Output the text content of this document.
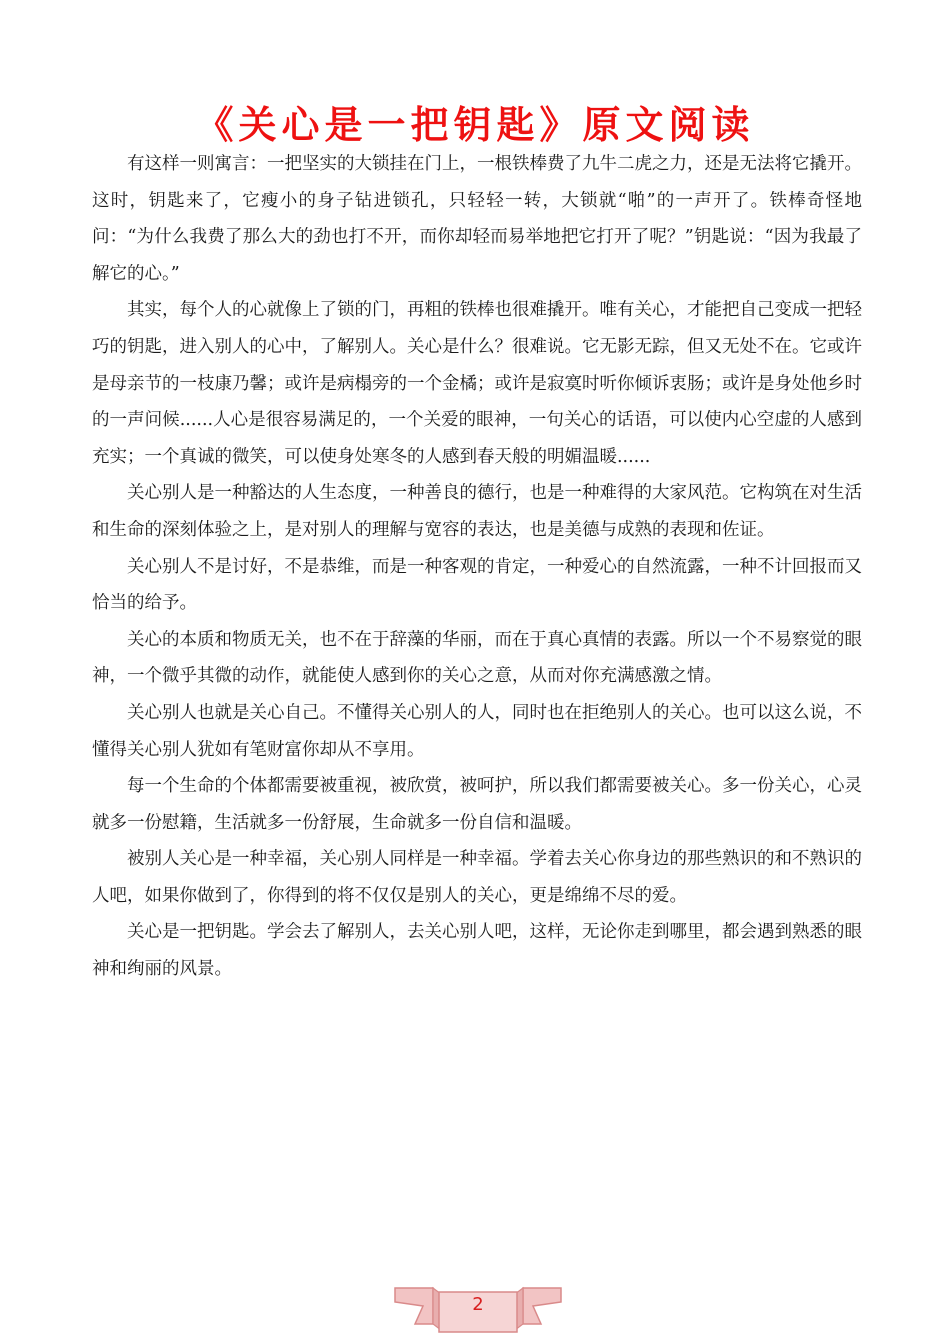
《关心是一把钥匙》原文阅读

有这样一则寓言：一把坚实的大锁挂在门上，一根铁棒费了九牛二虎之力，还是无法将它撬开。这时，钥匙来了，它瘦小的身子钻进锁孔，只轻轻一转，大锁就“啪”的一声开了。铁棒奇怪地问：“为什么我费了那么大的劲也打不开，而你却轻而易举地把它打开了呢？”钥匙说：“因为我最了解它的心。”

其实，每个人的心就像上了锁的门，再粗的铁棒也很难撬开。唯有关心，才能把自己变成一把轻巧的钥匙，进入别人的心中，了解别人。关心是什么？很难说。它无影无踪，但又无处不在。它或许是母亲节的一枝康乃馨；或许是病榻旁的一个金橘；或许是寂寞时听你倾诉衷肠；或许是身处他乡时的一声问候......人心是很容易满足的，一个关爱的眼神，一句关心的话语，可以使内心空虚的人感到充实；一个真诚的微笑，可以使身处寒冬的人感到春天般的明媚温暖......

关心别人是一种豁达的人生态度，一种善良的德行，也是一种难得的大家风范。它构筑在对生活和生命的深刻体验之上，是对别人的理解与宽容的表达，也是美德与成熟的表现和佐证。

关心别人不是讨好，不是恭维，而是一种客观的肯定，一种爱心的自然流露，一种不计回报而又恰当的给予。

关心的本质和物质无关，也不在于辞藻的华丽，而在于真心真情的表露。所以一个不易察觉的眼神，一个微乎其微的动作，就能使人感到你的关心之意，从而对你充满感激之情。

关心别人也就是关心自己。不懂得关心别人的人，同时也在拒绝别人的关心。也可以这么说，不懂得关心别人犹如有笔财富你却从不享用。

每一个生命的个体都需要被重视，被欣赏，被呵护，所以我们都需要被关心。多一份关心，心灵就多一份慰籍，生活就多一份舒展，生命就多一份自信和温暖。

被别人关心是一种幸福，关心别人同样是一种幸福。学着去关心你身边的那些熟识的和不熟识的人吧，如果你做到了，你得到的将不仅仅是别人的关心，更是绵绵不尽的爱。

关心是一把钥匙。学会去了解别人，去关心别人吧，这样，无论你走到哪里，都会遇到熟悉的眼神和绚丽的风景。

2
